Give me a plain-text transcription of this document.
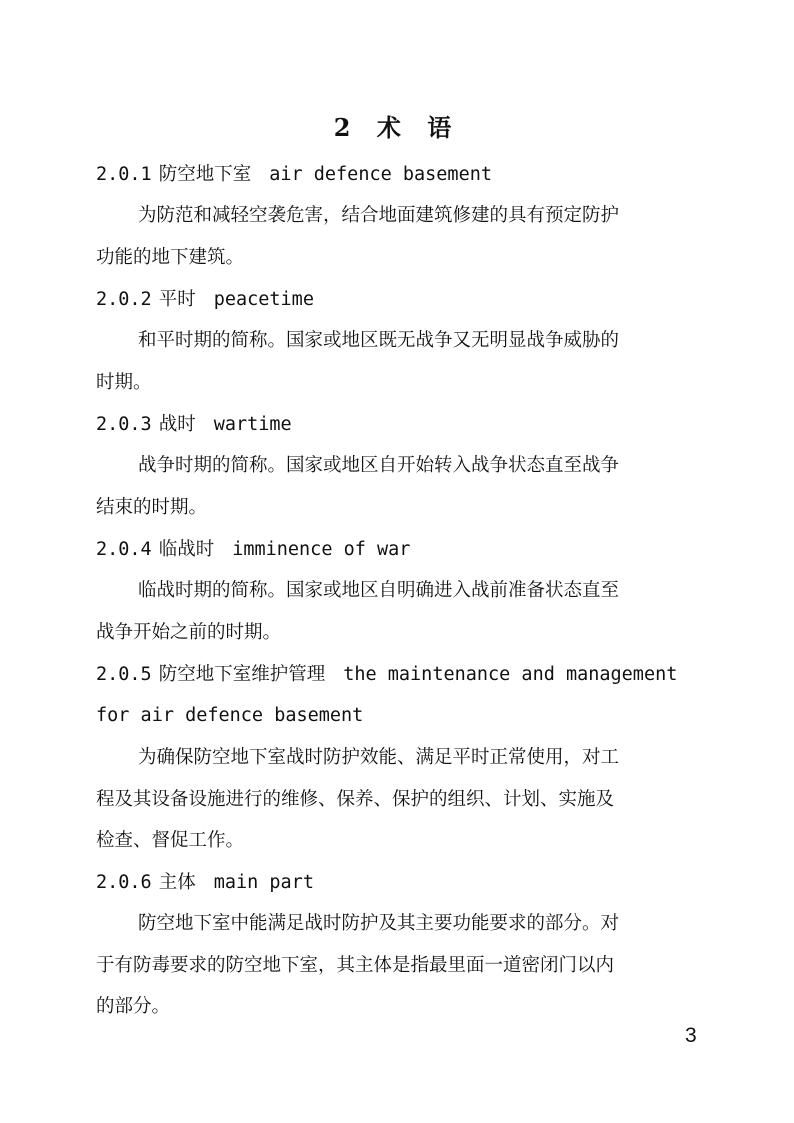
2 术 语
2.0.1 防空地下室 air defence basement
为防范和减轻空袭危害，结合地面建筑修建的具有预定防护
功能的地下建筑。
2.0.2 平时 peacetime
和平时期的简称。国家或地区既无战争又无明显战争威胁的
时期。
2.0.3 战时 wartime
战争时期的简称。国家或地区自开始转入战争状态直至战争
结束的时期。
2.0.4 临战时 imminence of war
临战时期的简称。国家或地区自明确进入战前准备状态直至
战争开始之前的时期。
2.0.5 防空地下室维护管理 the maintenance and management
for air defence basement
为确保防空地下室战时防护效能、满足平时正常使用，对工
程及其设备设施进行的维修、保养、保护的组织、计划、实施及
检查、督促工作。
2.0.6 主体 main part
防空地下室中能满足战时防护及其主要功能要求的部分。对
于有防毒要求的防空地下室，其主体是指最里面一道密闭门以内
的部分。
3
